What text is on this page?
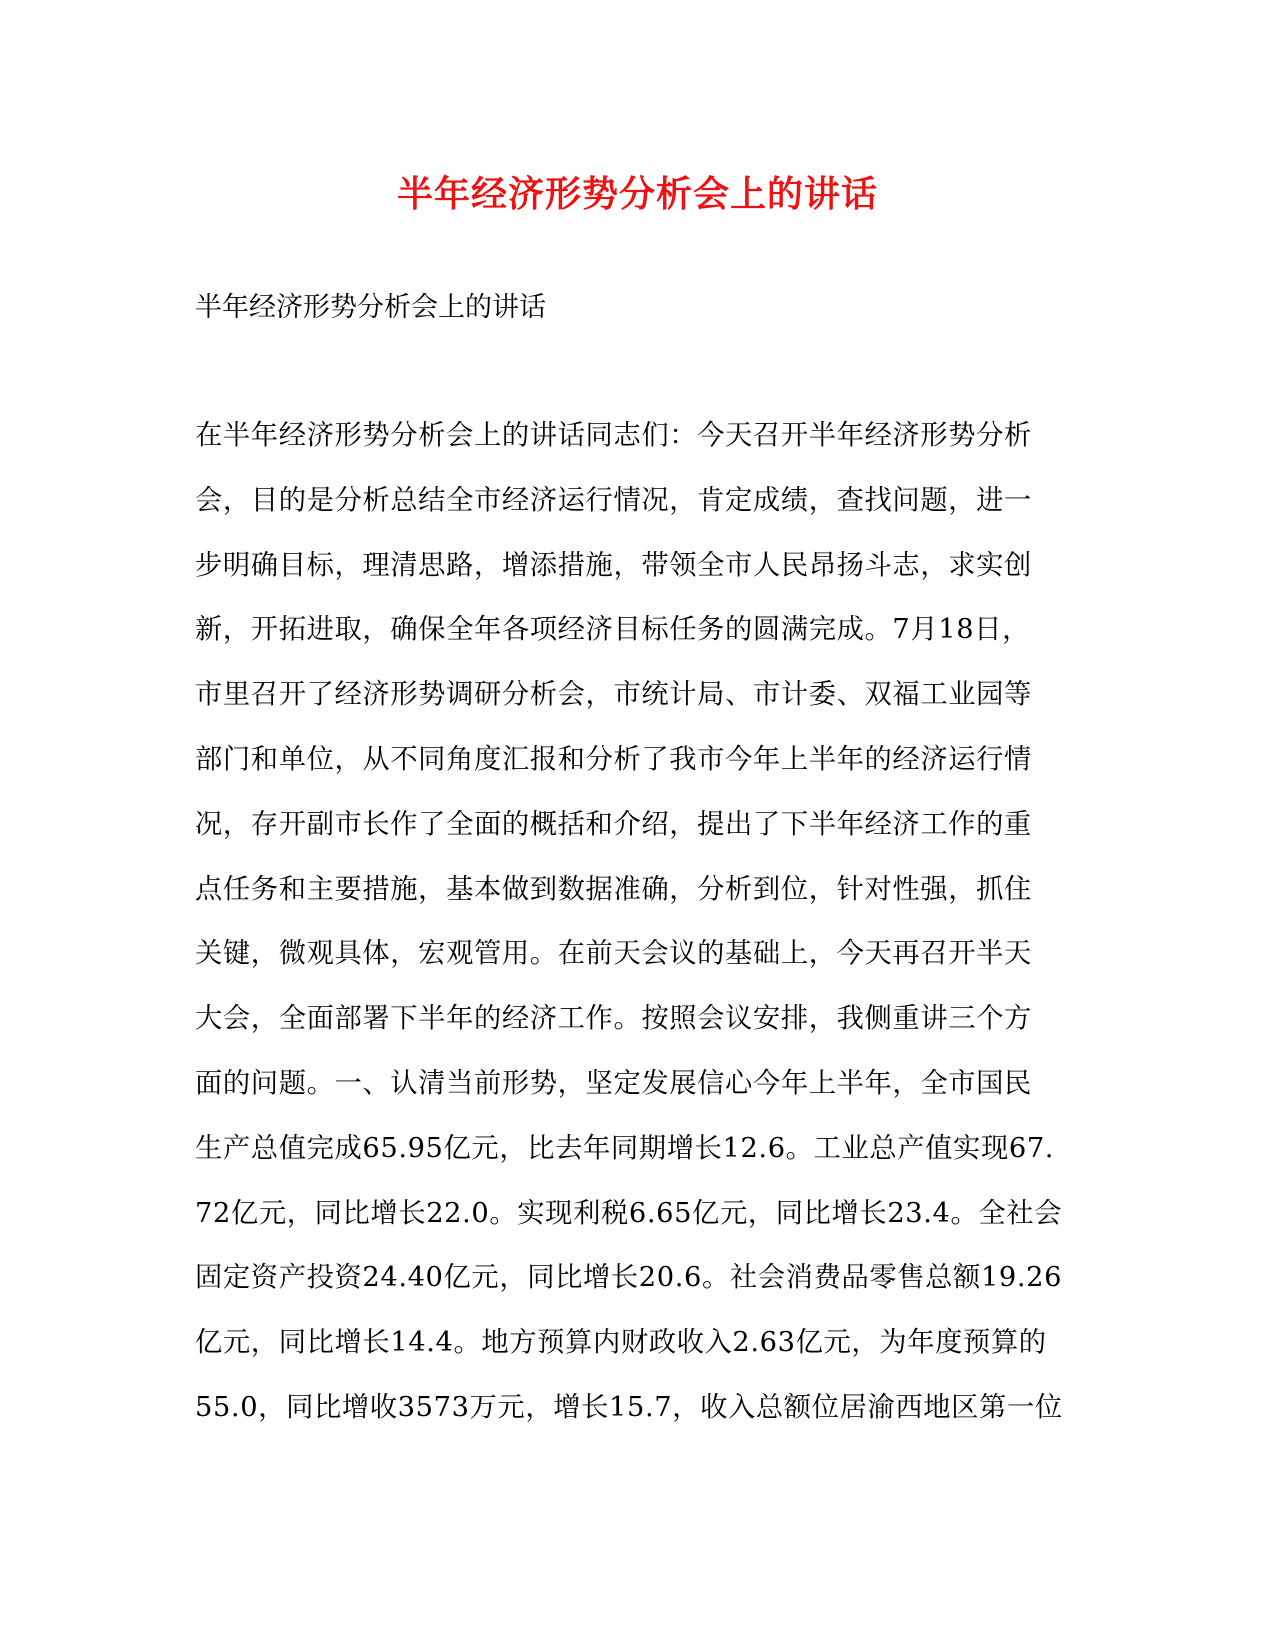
半年经济形势分析会上的讲话

半年经济形势分析会上的讲话

在半年经济形势分析会上的讲话同志们：今天召开半年经济形势分析
会，目的是分析总结全市经济运行情况，肯定成绩，查找问题，进一
步明确目标，理清思路，增添措施，带领全市人民昂扬斗志，求实创
新，开拓进取，确保全年各项经济目标任务的圆满完成。7月18日，
市里召开了经济形势调研分析会，市统计局、市计委、双福工业园等
部门和单位，从不同角度汇报和分析了我市今年上半年的经济运行情
况，存开副市长作了全面的概括和介绍，提出了下半年经济工作的重
点任务和主要措施，基本做到数据准确，分析到位，针对性强，抓住
关键，微观具体，宏观管用。在前天会议的基础上，今天再召开半天
大会，全面部署下半年的经济工作。按照会议安排，我侧重讲三个方
面的问题。一、认清当前形势，坚定发展信心今年上半年，全市国民
生产总值完成65.95亿元，比去年同期增长12.6。工业总产值实现67.
72亿元，同比增长22.0。实现利税6.65亿元，同比增长23.4。全社会
固定资产投资24.40亿元，同比增长20.6。社会消费品零售总额19.26
亿元，同比增长14.4。地方预算内财政收入2.63亿元，为年度预算的
55.0，同比增收3573万元，增长15.7，收入总额位居渝西地区第一位
